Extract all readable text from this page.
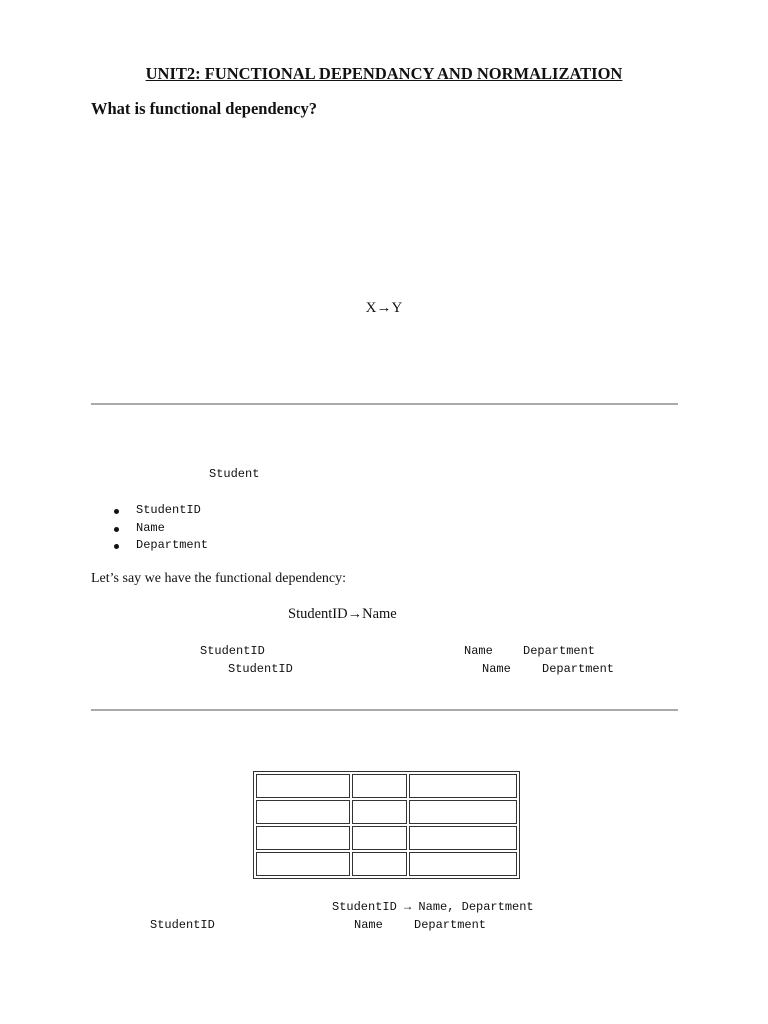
UNIT2: FUNCTIONAL DEPENDANCY AND NORMALIZATION
What is functional dependency?
X→Y
Student
StudentID
Name
Department
Let’s say we have the functional dependency:
StudentID→Name
StudentID	Name	Department
StudentID	Name	Department

StudentID → Name, Department
StudentID	Name	Department
